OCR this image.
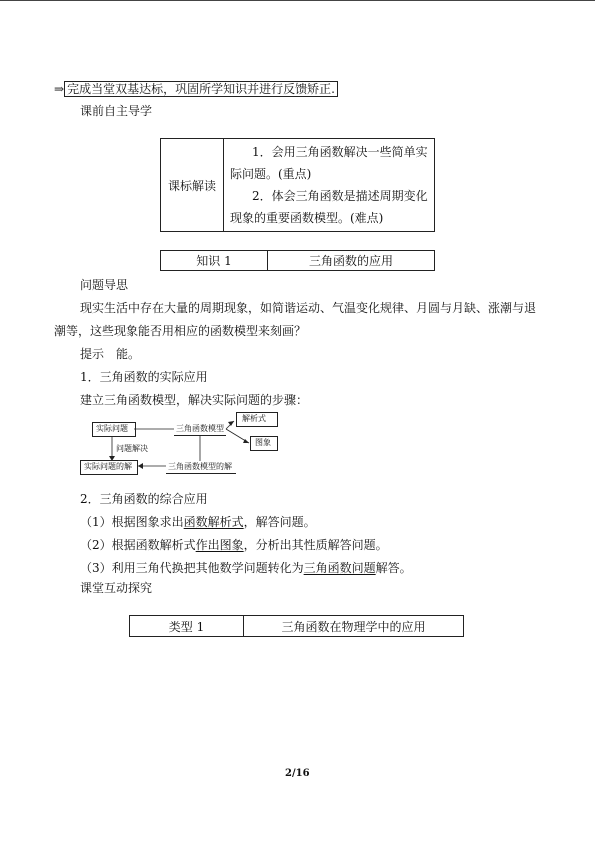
⇒ 完成当堂双基达标，巩固所学知识并进行反馈矫正.
课前自主导学
课标解读	
1．会用三角函数解决一些简单实
际问题。(重点)
2．体会三角函数是描述周期变化
现象的重要函数模型。(难点)
知识 1	三角函数的应用
问题导思
现实生活中存在大量的周期现象，如简谐运动、气温变化规律、月圆与月缺、涨潮与退
潮等，这些现象能否用相应的函数模型来刻画？
提示　能。
1．三角函数的实际应用
建立三角函数模型，解决实际问题的步骤：
实际问题	三角函数模型
解析式
图象
问题解决
实际问题的解	三角函数模型的解
2．三角函数的综合应用
（1）根据图象求出函数解析式，解答问题。
（2）根据函数解析式作出图象，分析出其性质解答问题。
（3）利用三角代换把其他数学问题转化为三角函数问题解答。
课堂互动探究
类型 1	三角函数在物理学中的应用
2/16
